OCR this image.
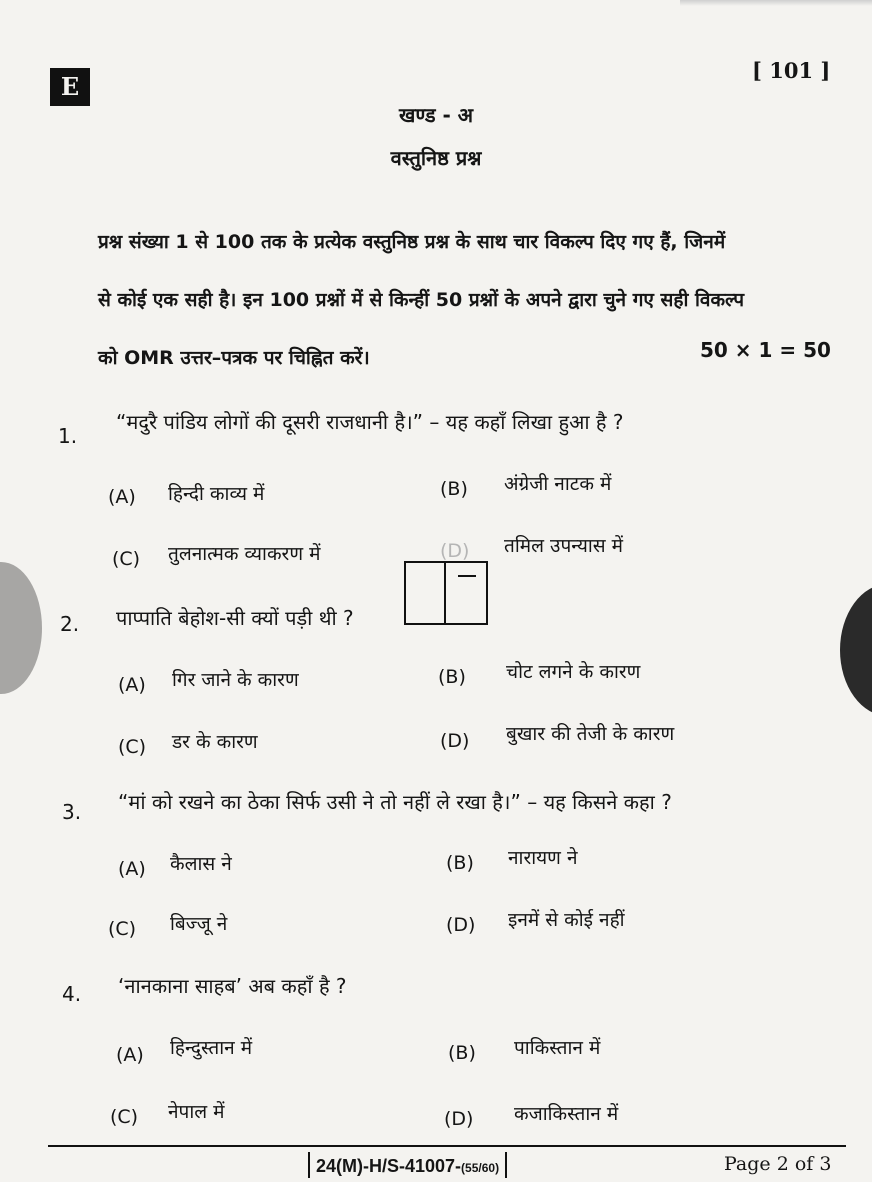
E
[ 101 ]
खण्ड - अ
वस्तुनिष्ठ प्रश्न
प्रश्न संख्या 1 से 100 तक के प्रत्येक वस्तुनिष्ठ प्रश्न के साथ चार विकल्प दिए गए हैं, जिनमें
से कोई एक सही है। इन 100 प्रश्नों में से किन्हीं 50 प्रश्नों के अपने द्वारा चुने गए सही विकल्प
को OMR उत्तर–पत्रक पर चिह्नित करें।	50 × 1 = 50
1.
“मदुरै पांडिय लोगों की दूसरी राजधानी है।” – यह कहाँ लिखा हुआ है ?
(A) हिन्दी काव्य में	(B) अंग्रेजी नाटक में
(C) तुलनात्मक व्याकरण में	(D) तमिल उपन्यास में
2. पाप्पाति बेहोश-सी क्यों पड़ी थी ?
(A) गिर जाने के कारण	(B) चोट लगने के कारण
(C) डर के कारण	(D) बुखार की तेजी के कारण
3. “मां को रखने का ठेका सिर्फ उसी ने तो नहीं ले रखा है।” – यह किसने कहा ?
(A) कैलास ने	(B) नारायण ने
(C) बिज्जू ने	(D) इनमें से कोई नहीं
4. ‘नानकाना साहब’ अब कहाँ है ?
(A) हिन्दुस्तान में	(B) पाकिस्तान में
(C) नेपाल में	(D) कजाकिस्तान में
24(M)-H/S-41007-(55/60)	Page 2 of 3
